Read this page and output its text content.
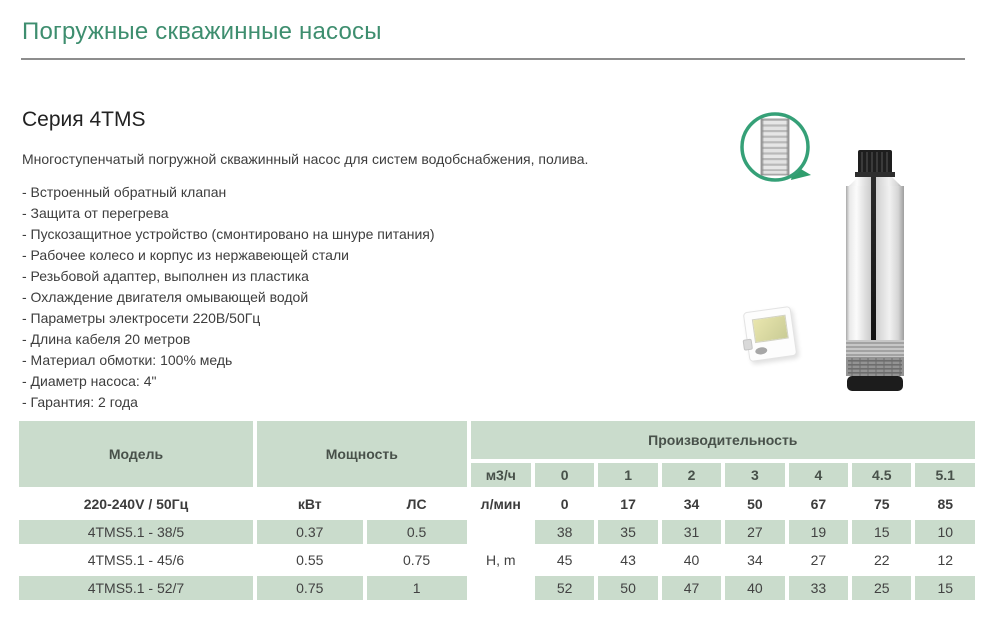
Погружные скважинные насосы
Серия 4TMS
Многоступенчатый погружной скважинный насос для систем водобснабжения, полива.
- Встроенный обратный клапан
- Защита от перегрева
- Пускозащитное устройство (смонтировано на шнуре питания)
- Рабочее колесо и корпус из нержавеющей стали
- Резьбовой адаптер, выполнен из пластика
- Охлаждение двигателя омывающей водой
- Параметры электросети 220В/50Гц
- Длина кабеля 20 метров
- Материал обмотки: 100% медь
- Диаметр насоса: 4"
- Гарантия: 2 года
Модель	Мощность		Производительность							
			м3/ч	0	1	2	3	4	4.5	5.1
220-240V / 50Гц	кВт	ЛС	л/мин	0	17	34	50	67	75	85
4TMS5.1 - 38/5	0.37	0.5	H, m	38	35	31	27	19	15	10
4TMS5.1 - 45/6	0.55	0.75		45	43	40	34	27	22	12
4TMS5.1 - 52/7	0.75	1		52	50	47	40	33	25	15
